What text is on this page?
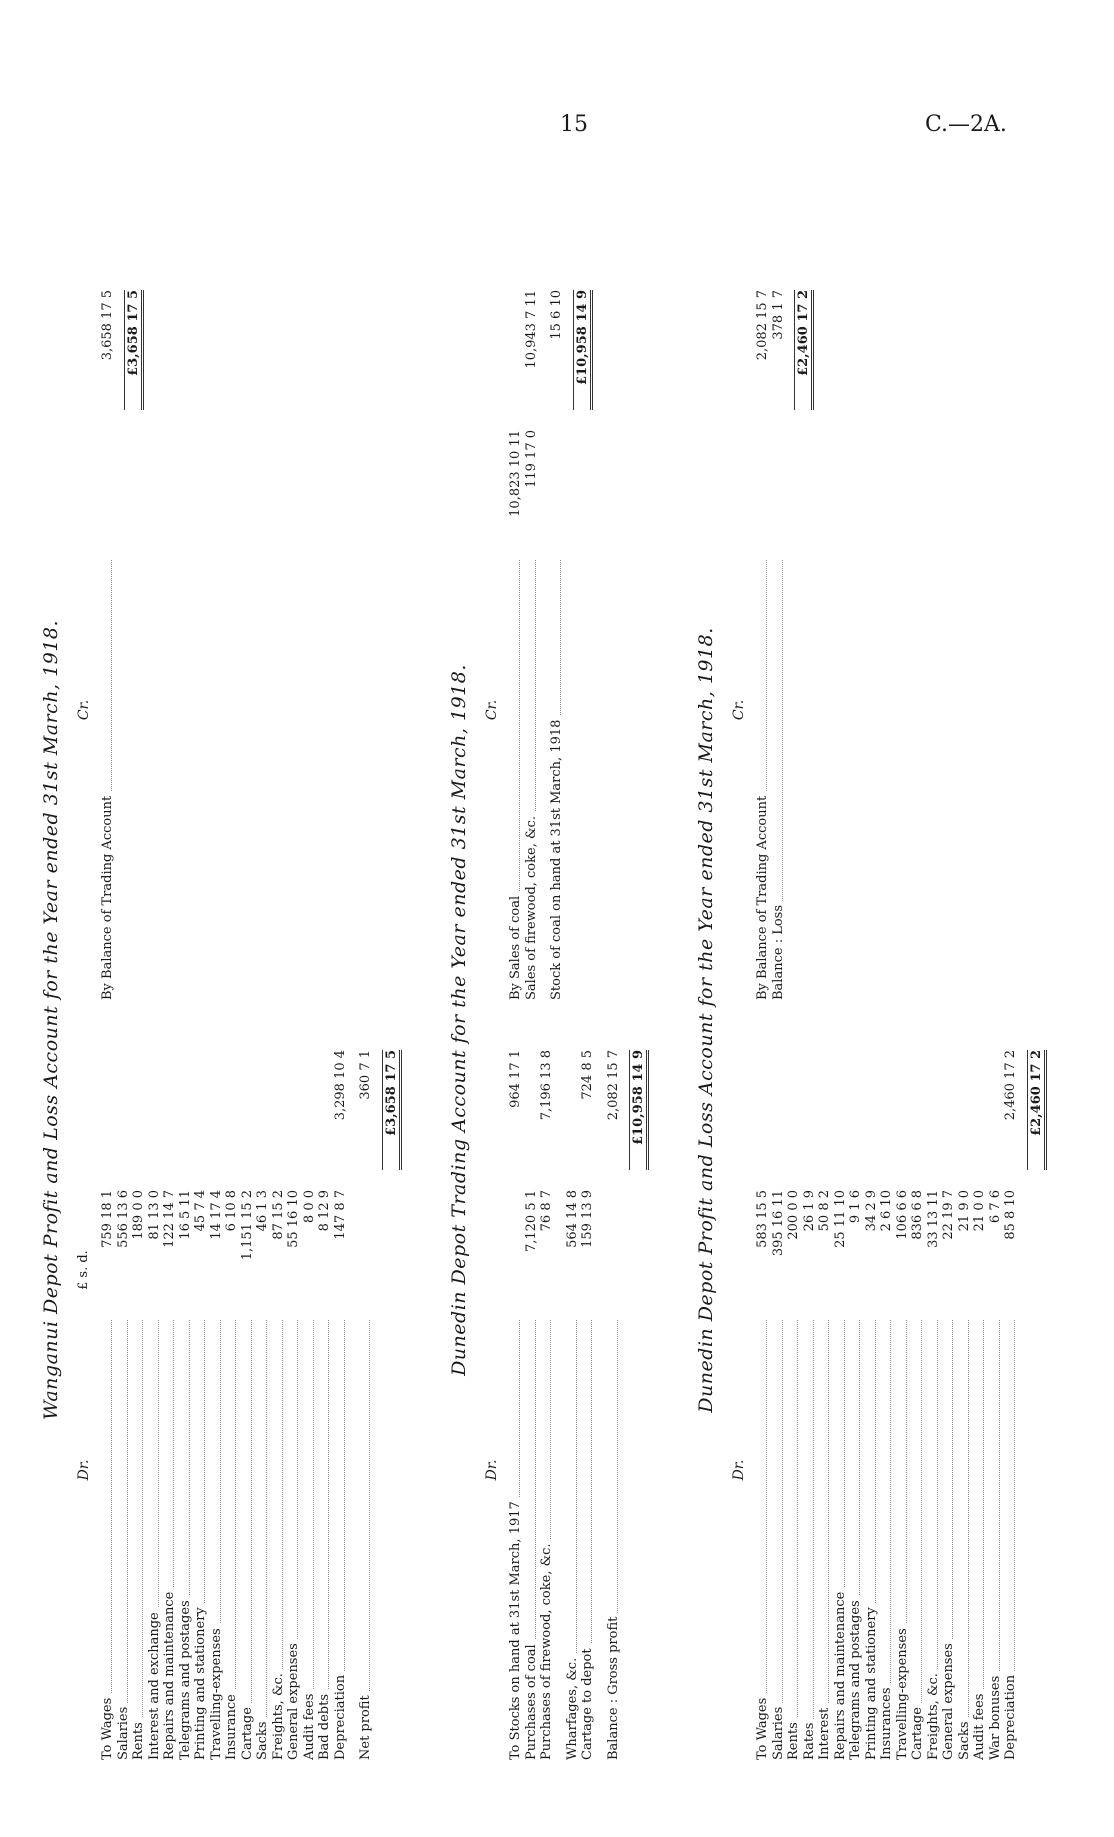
15	C.—2A.
Wanganui Depot Profit and Loss Account for the Year ended 31st March, 1918.
Dr.
£ s. d.
To Wages
759 18 1
Salaries
556 13 6
Rents
189 0 0
Interest and exchange
81 13 0
Repairs and maintenance
122 14 7
Telegrams and postages
16 5 11
Printing and stationery
45 7 4
Travelling-expenses
14 17 4
Insurance
6 10 8
Cartage
1,151 15 2
Sacks
46 1 3
Freights, &c.
87 15 2
General expenses
55 16 10
Audit fees
8 0 0
Bad debts
8 12 9
Depreciation
147 8 7
3,298 10 4
Net profit
360 7 1 £3,658 17 5
Cr.
By Balance of Trading Account
3,658 17 5 £3,658 17 5
Dunedin Depot Trading Account for the Year ended 31st March, 1918.
Dr.
To Stocks on hand at 31st March, 1917
964 17 1
Purchases of coal
7,120 5 1
Purchases of firewood, coke, &c.
76 8 7
7,196 13 8
Wharfages, &c.
564 14 8
Cartage to depot
159 13 9
724 8 5
Balance : Gross profit
2,082 15 7 £10,958 14 9
Cr.
By Sales of coal
10,823 10 11
Sales of firewood, coke, &c.
119 17 0
10,943 7 11
Stock of coal on hand at 31st March, 1918
15 6 10 £10,958 14 9
Dunedin Depot Profit and Loss Account for the Year ended 31st March, 1918.
Dr.
To Wages
583 15 5
Salaries
395 16 11
Rents
200 0 0
Rates
26 1 9
Interest
50 8 2
Repairs and maintenance
25 11 10
Telegrams and postages
9 1 6
Printing and stationery
34 2 9
Insurances
2 6 10
Travelling-expenses
106 6 6
Cartage
836 6 8
Freights, &c.
33 13 11
General expenses
22 19 7
Sacks
21 9 0
Audit fees
21 0 0
War bonuses
6 7 6
Depreciation
85 8 10
2,460 17 2 £2,460 17 2
Cr.
By Balance of Trading Account
2,082 15 7
Balance : Loss
378 1 7 £2,460 17 2
